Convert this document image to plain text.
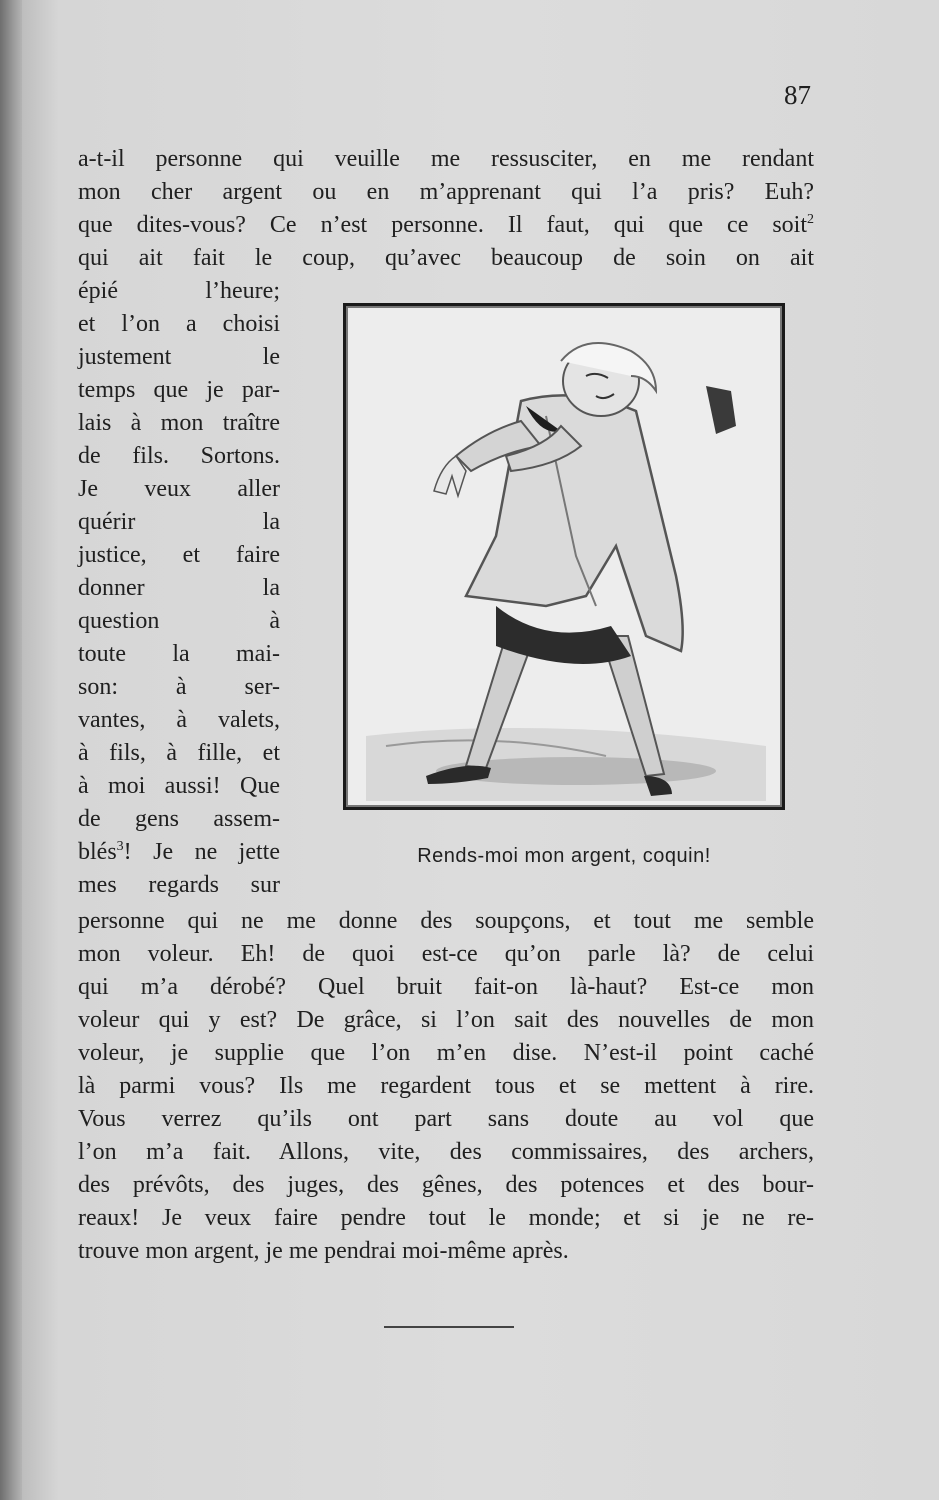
87
a-t-il personne qui veuille me ressusciter, en me rendant
mon cher argent ou en m’apprenant qui l’a pris? Euh?
que dites-vous? Ce n’est personne. Il faut, qui que ce soit$^2$
qui ait fait le coup, qu’avec beaucoup de soin on ait
épié l’heure;
et l’on a choisi
justement le
temps que je par-
lais à mon traître
de fils. Sortons.
Je veux aller
quérir la
justice, et faire
donner la
question à
toute la mai-
son: à ser-
vantes, à valets,
à fils, à fille, et
à moi aussi! Que
de gens assem-
blés$^3$! Je ne jette
mes regards sur
Rends-moi mon argent, coquin!
personne qui ne me donne des soupçons, et tout me semble
mon voleur. Eh! de quoi est-ce qu’on parle là? de celui
qui m’a dérobé? Quel bruit fait-on là-haut? Est-ce mon
voleur qui y est? De grâce, si l’on sait des nouvelles de mon
voleur, je supplie que l’on m’en dise. N’est-il point caché
là parmi vous? Ils me regardent tous et se mettent à rire.
Vous verrez qu’ils ont part sans doute au vol que
l’on m’a fait. Allons, vite, des commissaires, des archers,
des prévôts, des juges, des gênes, des potences et des bour-
reaux! Je veux faire pendre tout le monde; et si je ne re-
trouve mon argent, je me pendrai moi-même après.
